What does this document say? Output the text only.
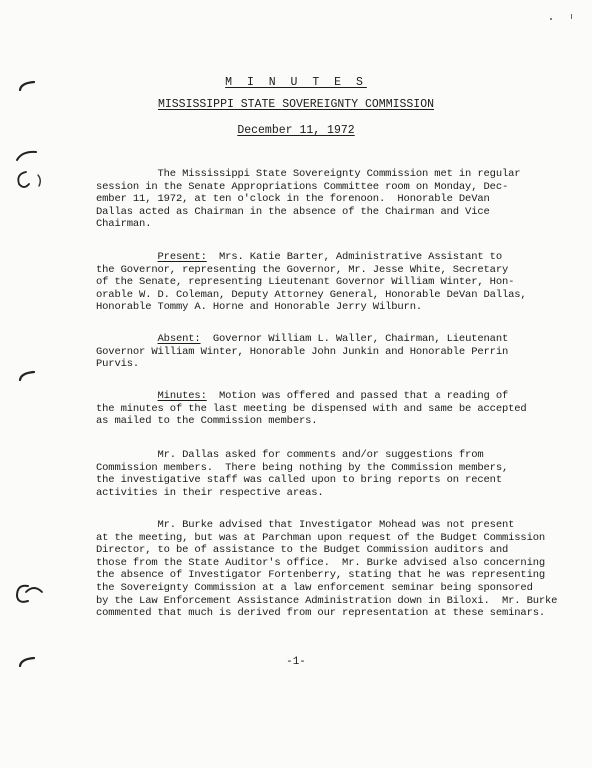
M I N U T E S
MISSISSIPPI STATE SOVEREIGNTY COMMISSION
December 11, 1972
The Mississippi State Sovereignty Commission met in regular
session in the Senate Appropriations Committee room on Monday, Dec-
ember 11, 1972, at ten o'clock in the forenoon.  Honorable DeVan
Dallas acted as Chairman in the absence of the Chairman and Vice
Chairman.
Present:  Mrs. Katie Barter, Administrative Assistant to
the Governor, representing the Governor, Mr. Jesse White, Secretary
of the Senate, representing Lieutenant Governor William Winter, Hon-
orable W. D. Coleman, Deputy Attorney General, Honorable DeVan Dallas,
Honorable Tommy A. Horne and Honorable Jerry Wilburn.
Absent:  Governor William L. Waller, Chairman, Lieutenant
Governor William Winter, Honorable John Junkin and Honorable Perrin
Purvis.
Minutes:  Motion was offered and passed that a reading of
the minutes of the last meeting be dispensed with and same be accepted
as mailed to the Commission members.
Mr. Dallas asked for comments and/or suggestions from
Commission members.  There being nothing by the Commission members,
the investigative staff was called upon to bring reports on recent
activities in their respective areas.
Mr. Burke advised that Investigator Mohead was not present
at the meeting, but was at Parchman upon request of the Budget Commission
Director, to be of assistance to the Budget Commission auditors and
those from the State Auditor's office.  Mr. Burke advised also concerning
the absence of Investigator Fortenberry, stating that he was representing
the Sovereignty Commission at a law enforcement seminar being sponsored
by the Law Enforcement Assistance Administration down in Biloxi.  Mr. Burke
commented that much is derived from our representation at these seminars.
-1-
